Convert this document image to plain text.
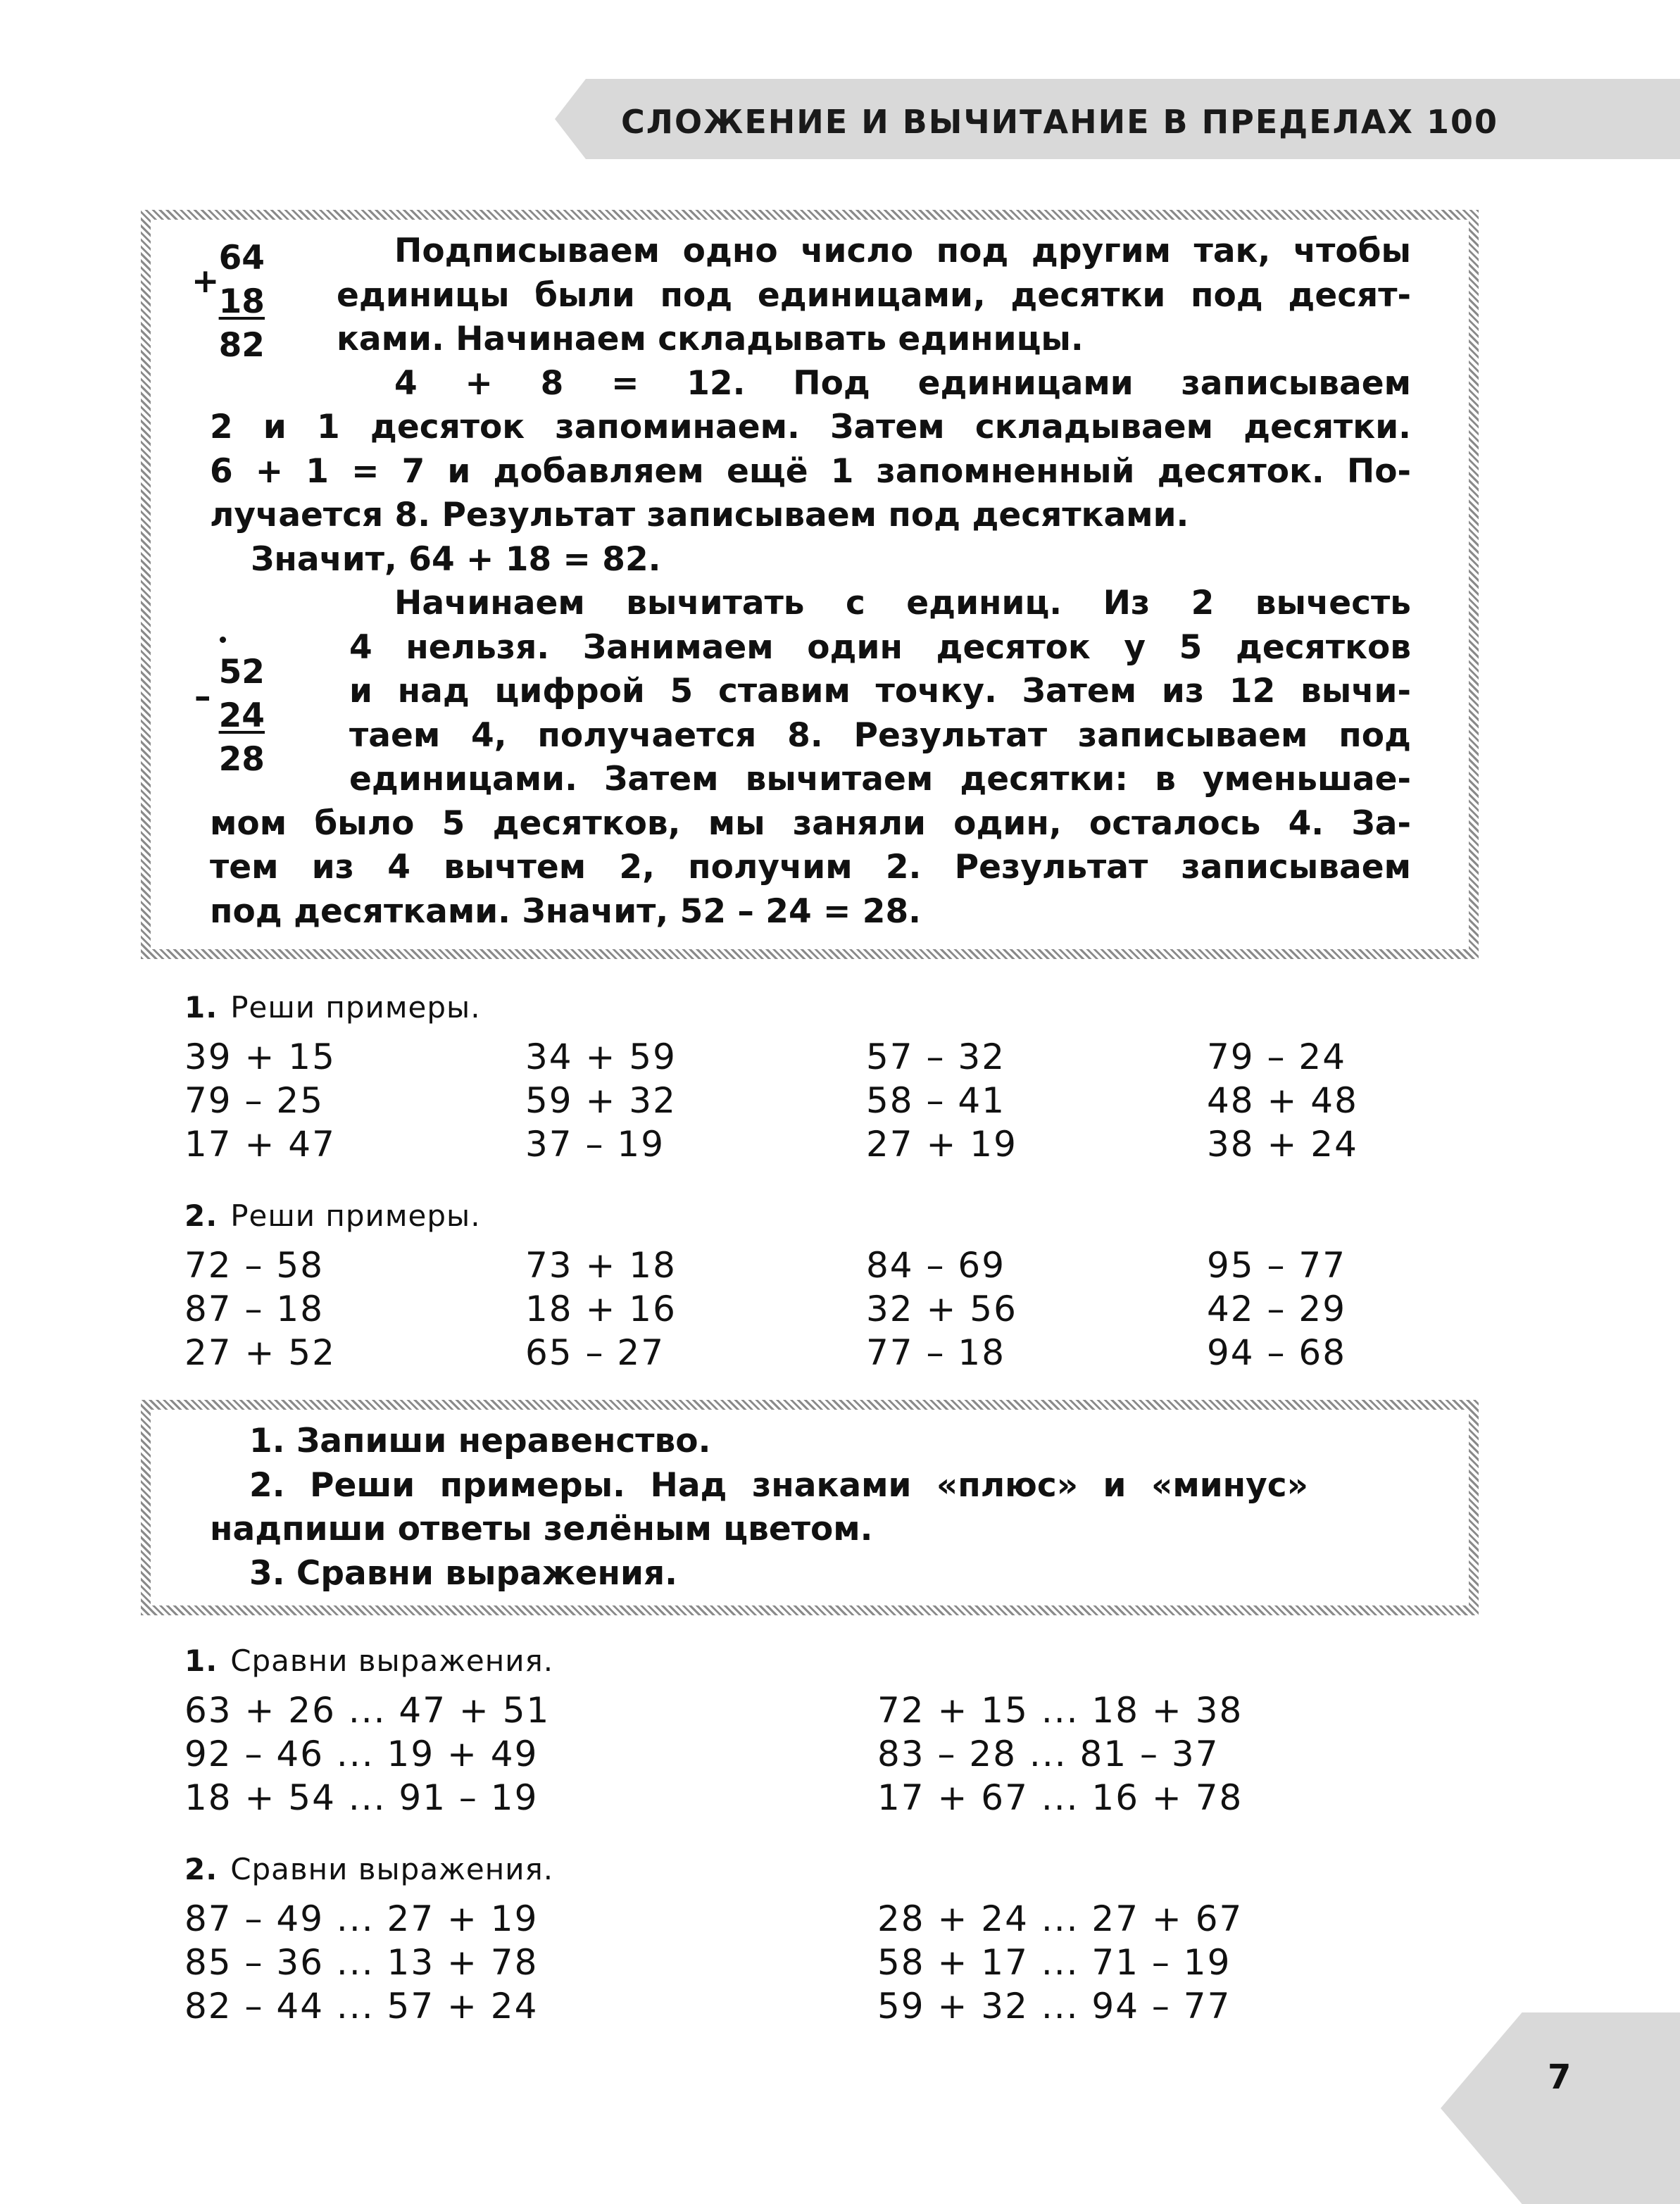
СЛОЖЕНИЕ И ВЫЧИТАНИЕ В ПРЕДЕЛАХ 100
+
64
18
82
–
52
24
28
Подписываем одно число под другим так, чтобы
единицы были под единицами, десятки под десят-
ками. Начинаем складывать единицы.
4 + 8 = 12. Под единицами записываем
2 и 1 десяток запоминаем. Затем складываем десятки.
6 + 1 = 7 и добавляем ещё 1 запомненный десяток. По-
лучается 8. Результат записываем под десятками.
Значит, 64 + 18 = 82.
Начинаем вычитать с единиц. Из 2 вычесть
4 нельзя. Занимаем один десяток у 5 десятков
и над цифрой 5 ставим точку. Затем из 12 вычи-
таем 4, получается 8. Результат записываем под
единицами. Затем вычитаем десятки: в уменьшае-
мом было 5 десятков, мы заняли один, осталось 4. За-
тем из 4 вычтем 2, получим 2. Результат записываем
под десятками. Значит, 52 – 24 = 28.
1. Реши примеры.
39 + 15
79 – 25
17 + 47
34 + 59
59 + 32
37 – 19
57 – 32
58 – 41
27 + 19
79 – 24
48 + 48
38 + 24
2. Реши примеры.
72 – 58
87 – 18
27 + 52
73 + 18
18 + 16
65 – 27
84 – 69
32 + 56
77 – 18
95 – 77
42 – 29
94 – 68
1. Запиши неравенство.
2. Реши примеры. Над знаками «плюс» и «минус»
надпиши ответы зелёным цветом.
3. Сравни выражения.
1. Сравни выражения.
63 + 26 ... 47 + 51
92 – 46 ... 19 + 49
18 + 54 ... 91 – 19
72 + 15 ... 18 + 38
83 – 28 ... 81 – 37
17 + 67 ... 16 + 78
2. Сравни выражения.
87 – 49 ... 27 + 19
85 – 36 ... 13 + 78
82 – 44 ... 57 + 24
28 + 24 ... 27 + 67
58 + 17 ... 71 – 19
59 + 32 ... 94 – 77
7
